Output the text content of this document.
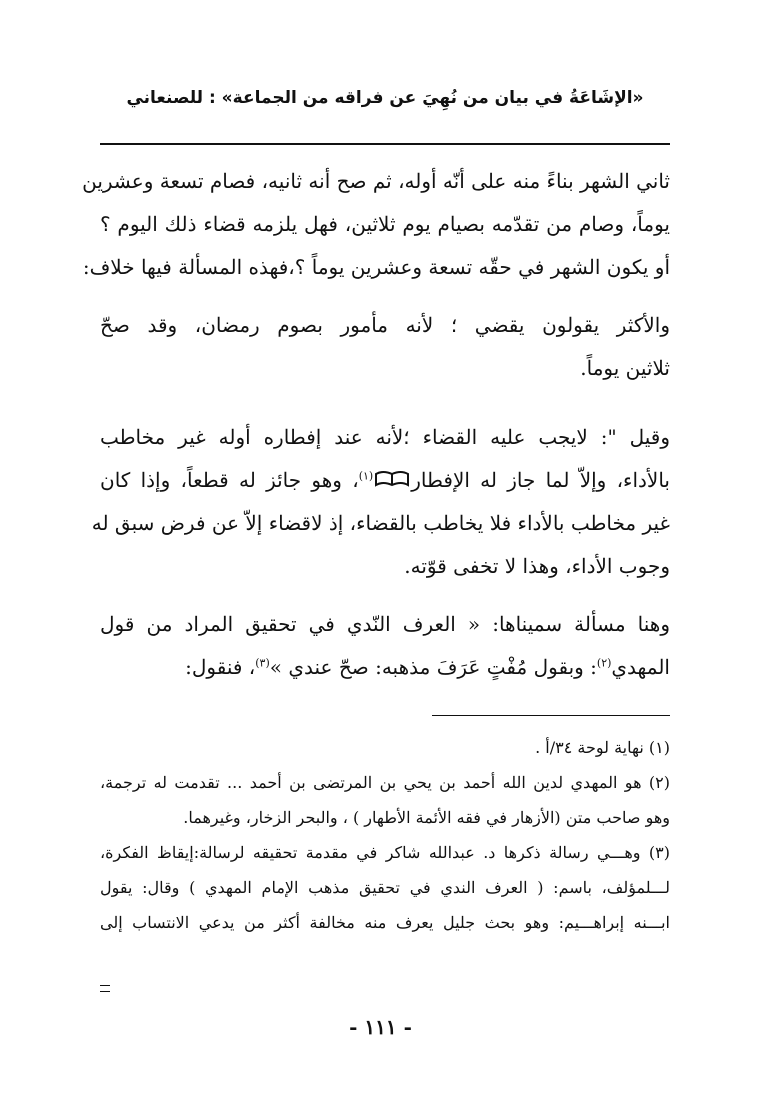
«الإشَاعَةُ في بيان من نُهِيَ عن فراقه من الجماعة» : للصنعاني
ثاني الشهر بناءً منه على أنّه أوله، ثم صح أنه ثانيه، فصام تسعة وعشرين
يوماً، وصام من تقدّمه بصيام يوم ثلاثين، فهل يلزمه قضاء ذلك اليوم ؟
أو يكون الشهر في حقّه تسعة وعشرين يوماً ؟،فهذه المسألة فيها خلاف:
والأكثر يقولون يقضي ؛ لأنه مأمور بصوم رمضان، وقد صحّ
ثلاثين يوماً.
وقيل ": لايجب عليه القضاء ؛لأنه عند إفطاره أوله غير مخاطب
بالأداء، وإلاّ لما جاز له الإفطار$^{(١)}$، وهو جائز له قطعاً، وإذا كان
غير مخاطب بالأداء فلا يخاطب بالقضاء، إذ لاقضاء إلاّ عن فرض سبق له
وجوب الأداء، وهذا لا تخفى قوّته.
وهنا مسألة سميناها: « العرف النّدي في تحقيق المراد من قول
المهدي$^{(٢)}$: وبقول مُفْتٍ عَرَفَ مذهبه: صحّ عندي »$^{(٣)}$، فنقول:
(١) نهاية لوحة ٣٤/أ .
(٢) هو المهدي لدين الله أحمد بن يحي بن المرتضى بن أحمد ... تقدمت له ترجمة،
وهو صاحب متن (الأزهار في فقه الأئمة الأطهار ) ، والبحر الزخار، وغيرهما.
(٣) وهـــي رسالة ذكرها د. عبدالله شاكر في مقدمة تحقيقه لرسالة:إيقاظ الفكرة،
لـــلمؤلف، باسم: ( العرف الندي في تحقيق مذهب الإمام المهدي ) وقال: يقول
ابـــنه إبراهـــيم: وهو بحث جليل يعرف منه مخالفة أكثر من يدعي الانتساب إلى
- ١١١ -
